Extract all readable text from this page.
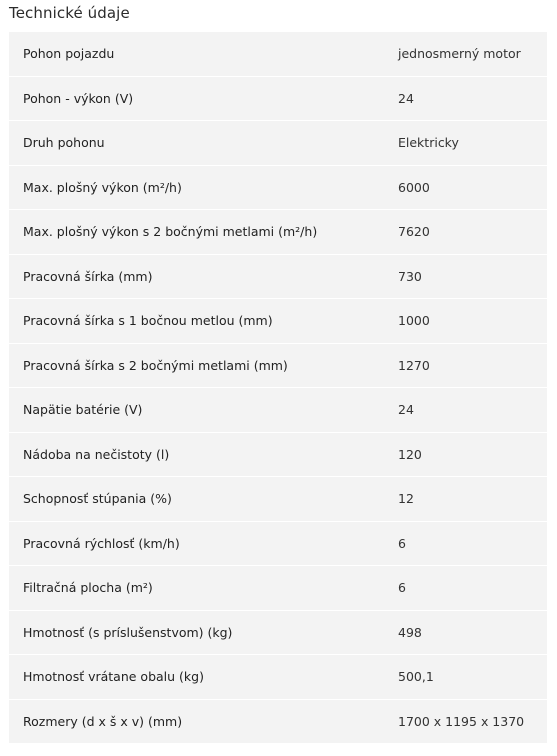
Technické údaje
Pohon pojazdu	jednosmerný motor
Pohon - výkon (V)	24
Druh pohonu	Elektricky
Max. plošný výkon (m²/h)	6000
Max. plošný výkon s 2 bočnými metlami (m²/h)	7620
Pracovná šírka (mm)	730
Pracovná šírka s 1 bočnou metlou (mm)	1000
Pracovná šírka s 2 bočnými metlami (mm)	1270
Napätie batérie (V)	24
Nádoba na nečistoty (l)	120
Schopnosť stúpania (%)	12
Pracovná rýchlosť (km/h)	6
Filtračná plocha (m²)	6
Hmotnosť (s príslušenstvom) (kg)	498
Hmotnosť vrátane obalu (kg)	500,1
Rozmery (d x š x v) (mm)	1700 x 1195 x 1370
